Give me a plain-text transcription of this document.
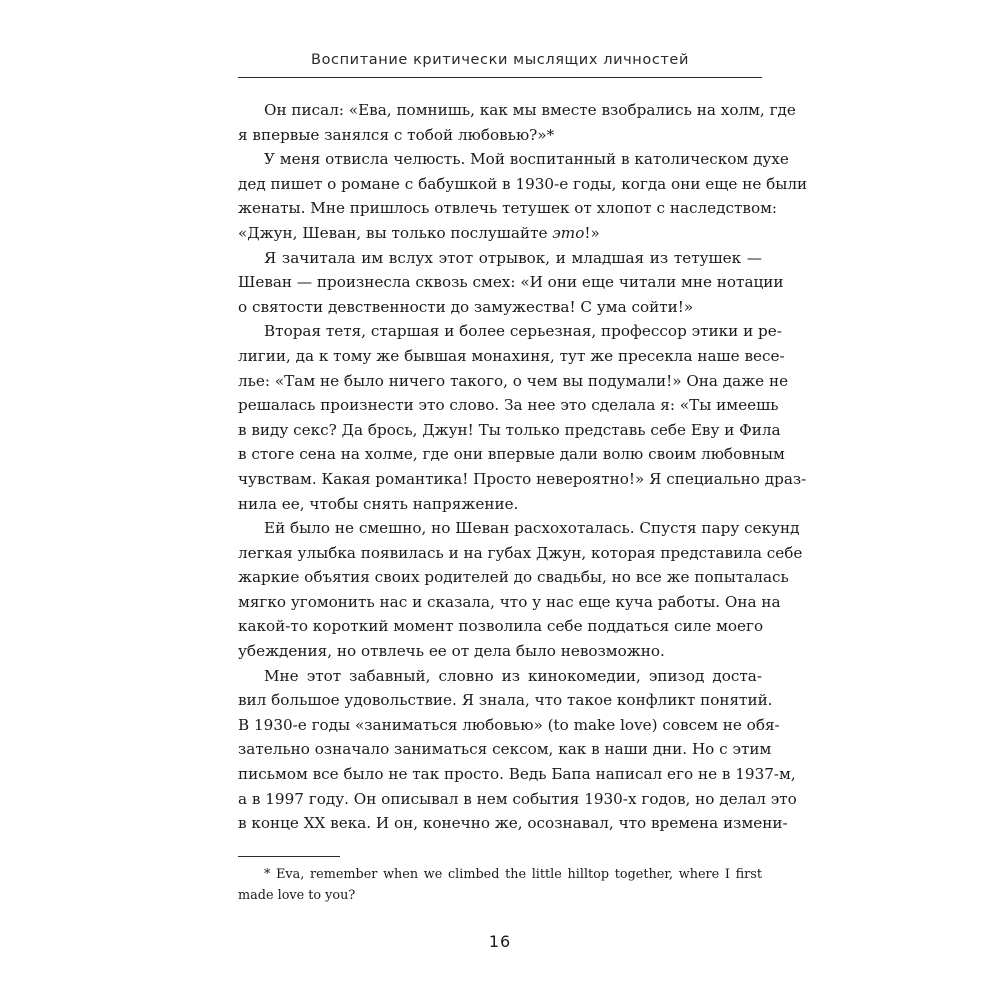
Воспитание критически мыслящих личностей
Он писал: «Ева, помнишь, как мы вместе взобрались на холм, где
я впервые занялся с тобой любовью?»*
У меня отвисла челюсть. Мой воспитанный в католическом духе
дед пишет о романе с бабушкой в 1930-е годы, когда они еще не были
женаты. Мне пришлось отвлечь тетушек от хлопот с наследством:
«Джун, Шеван, вы только послушайте это!»
Я зачитала им вслух этот отрывок, и младшая из тетушек —
Шеван — произнесла сквозь смех: «И они еще читали мне нотации
о святости девственности до замужества! С ума сойти!»
Вторая тетя, старшая и более серьезная, профессор этики и ре-
лигии, да к тому же бывшая монахиня, тут же пресекла наше весе-
лье: «Там не было ничего такого, о чем вы подумали!» Она даже не
решалась произнести это слово. За нее это сделала я: «Ты имеешь
в виду секс? Да брось, Джун! Ты только представь себе Еву и Фила
в стоге сена на холме, где они впервые дали волю своим любовным
чувствам. Какая романтика! Просто невероятно!» Я специально драз-
нила ее, чтобы снять напряжение.
Ей было не смешно, но Шеван расхохоталась. Спустя пару секунд
легкая улыбка появилась и на губах Джун, которая представила себе
жаркие объятия своих родителей до свадьбы, но все же попыталась
мягко угомонить нас и сказала, что у нас еще куча работы. Она на
какой-то короткий момент позволила себе поддаться силе моего
убеждения, но отвлечь ее от дела было невозможно.
Мне этот забавный, словно из кинокомедии, эпизод доста-
вил большое удовольствие. Я знала, что такое конфликт понятий.
В 1930-е годы «заниматься любовью» (to make love) совсем не обя-
зательно означало заниматься сексом, как в наши дни. Но с этим
письмом все было не так просто. Ведь Бапа написал его не в 1937-м,
а в 1997 году. Он описывал в нем события 1930-х годов, но делал это
в конце XX века. И он, конечно же, осознавал, что времена измени-
* Eva, remember when we climbed the little hilltop together, where I first
made love to you?
16
